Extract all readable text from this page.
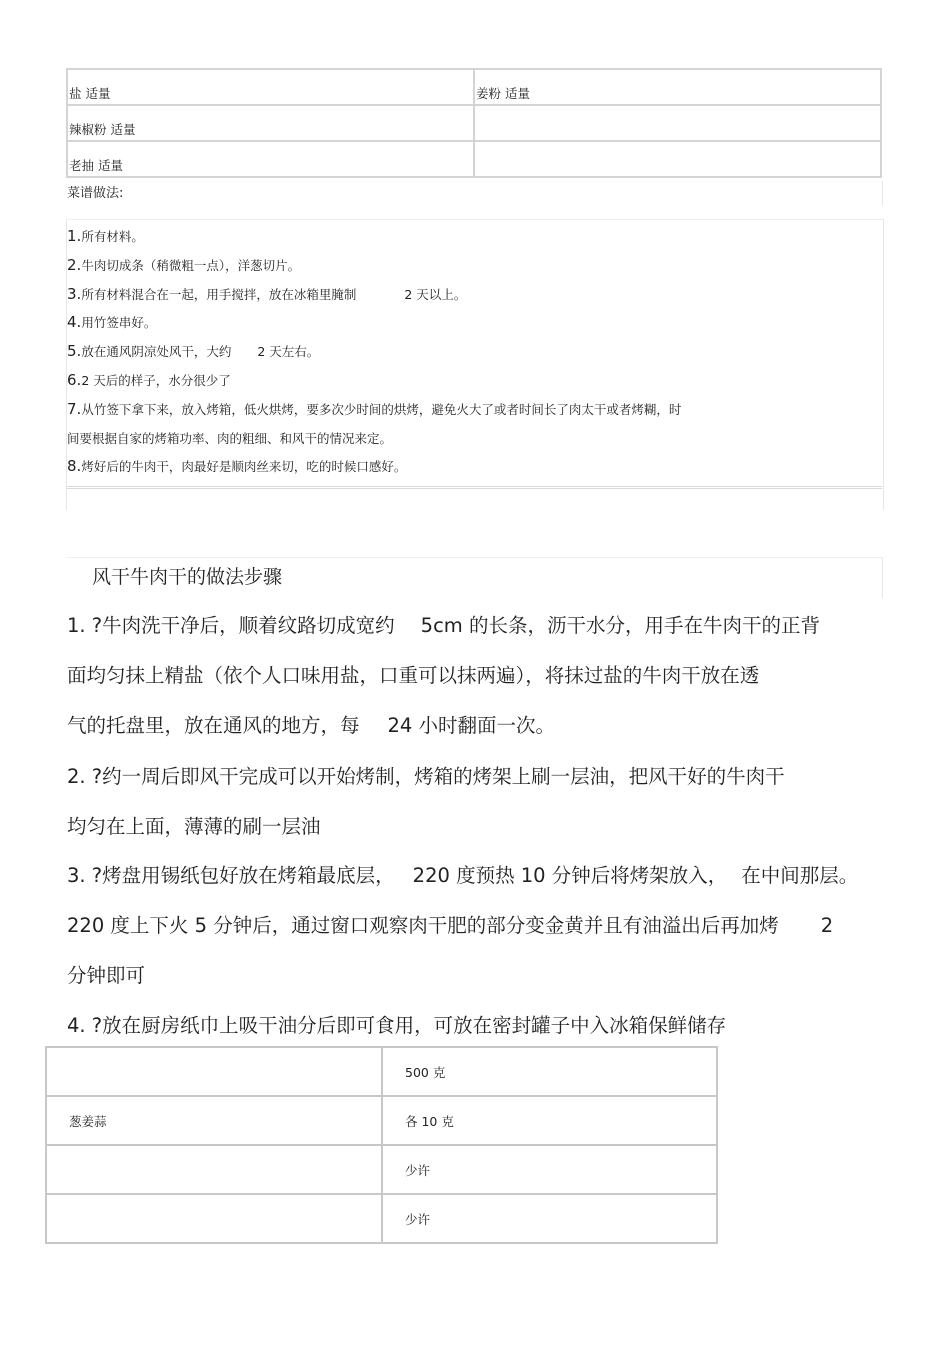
盐 适量	姜粉 适量

辣椒粉 适量	

老抽 适量	

菜谱做法:
1.所有材料。
2.牛肉切成条（稍微粗一点），洋葱切片。
3.所有材料混合在一起，用手搅拌，放在冰箱里腌制	2 天以上。
4.用竹签串好。
5.放在通风阴凉处风干，大约 2 天左右。
6.2 天后的样子，水分很少了
7.从竹签下拿下来，放入烤箱，低火烘烤，要多次少时间的烘烤，避免火大了或者时间长了肉太干或者烤糊，时
间要根据自家的烤箱功率、肉的粗细、和风干的情况来定。
8.烤好后的牛肉干，肉最好是顺肉丝来切，吃的时候口感好。
风干牛肉干的做法步骤
1. ?牛肉洗干净后，顺着纹路切成宽约 5cm 的长条，沥干水分，用手在牛肉干的正背
面均匀抹上精盐（依个人口味用盐，口重可以抹两遍），将抹过盐的牛肉干放在透
气的托盘里，放在通风的地方，每 24 小时翻面一次。
2. ?约一周后即风干完成可以开始烤制，烤箱的烤架上刷一层油，把风干好的牛肉干
均匀在上面，薄薄的刷一层油
3. ?烤盘用锡纸包好放在烤箱最底层， 220 度预热 10 分钟后将烤架放入， 在中间那层。
220 度上下火 5 分钟后，通过窗口观察肉干肥的部分变金黄并且有油溢出后再加烤 2
分钟即可
4. ?放在厨房纸巾上吸干油分后即可食用，可放在密封罐子中入冰箱保鲜储存
	500 克
葱姜蒜	各 10 克
	少许
	少许
